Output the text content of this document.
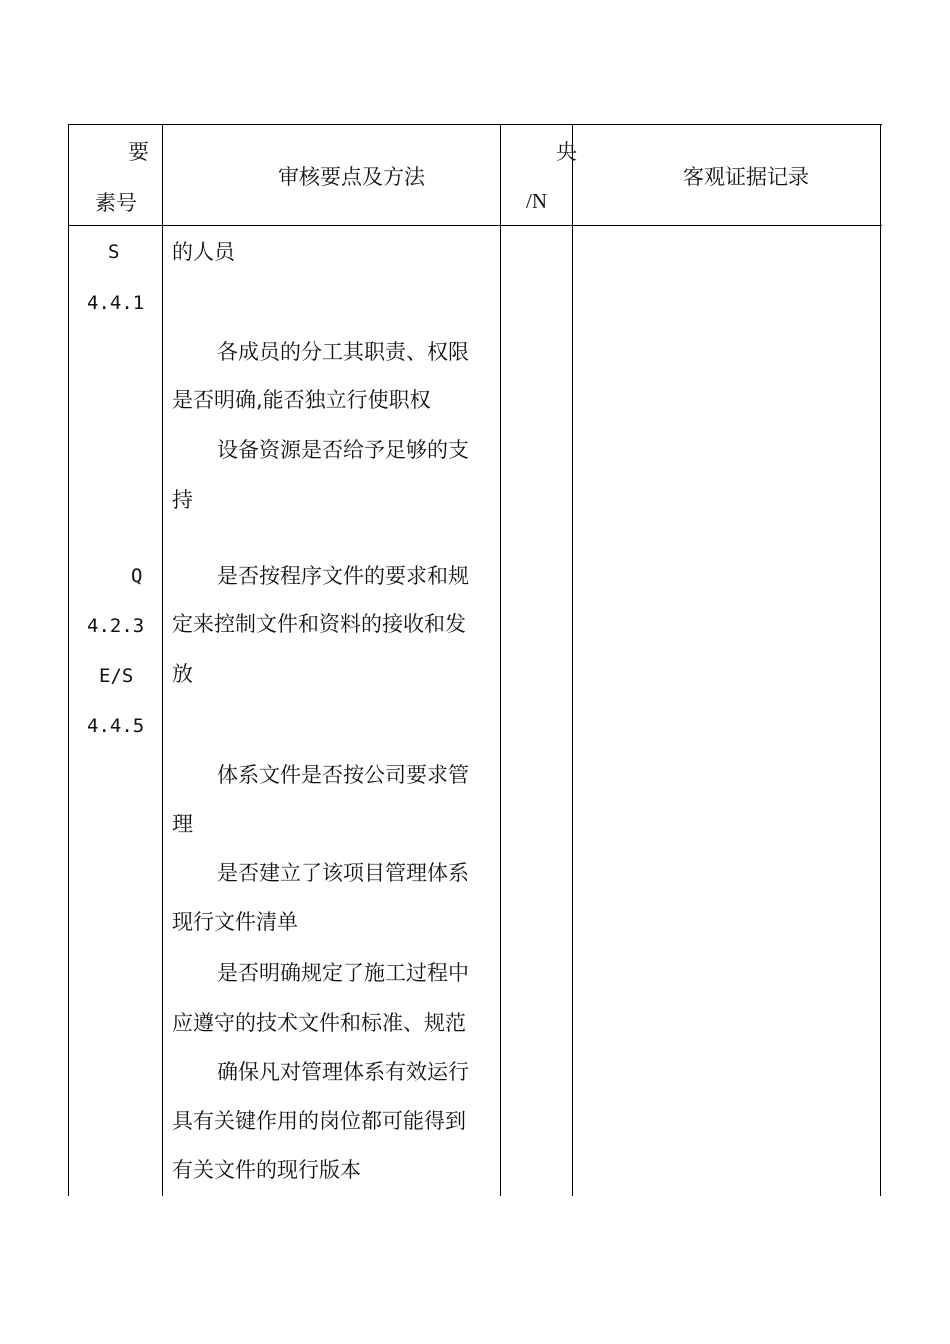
要
素号
审核要点及方法
央
/N
客观证据记录
S
4.4.1
Q
4.2.3
E/S
4.4.5
的人员
各成员的分工其职责、权限
是否明确,能否独立行使职权
设备资源是否给予足够的支
持
是否按程序文件的要求和规
定来控制文件和资料的接收和发
放
体系文件是否按公司要求管
理
是否建立了该项目管理体系
现行文件清单
是否明确规定了施工过程中
应遵守的技术文件和标准、规范
确保凡对管理体系有效运行
具有关键作用的岗位都可能得到
有关文件的现行版本
